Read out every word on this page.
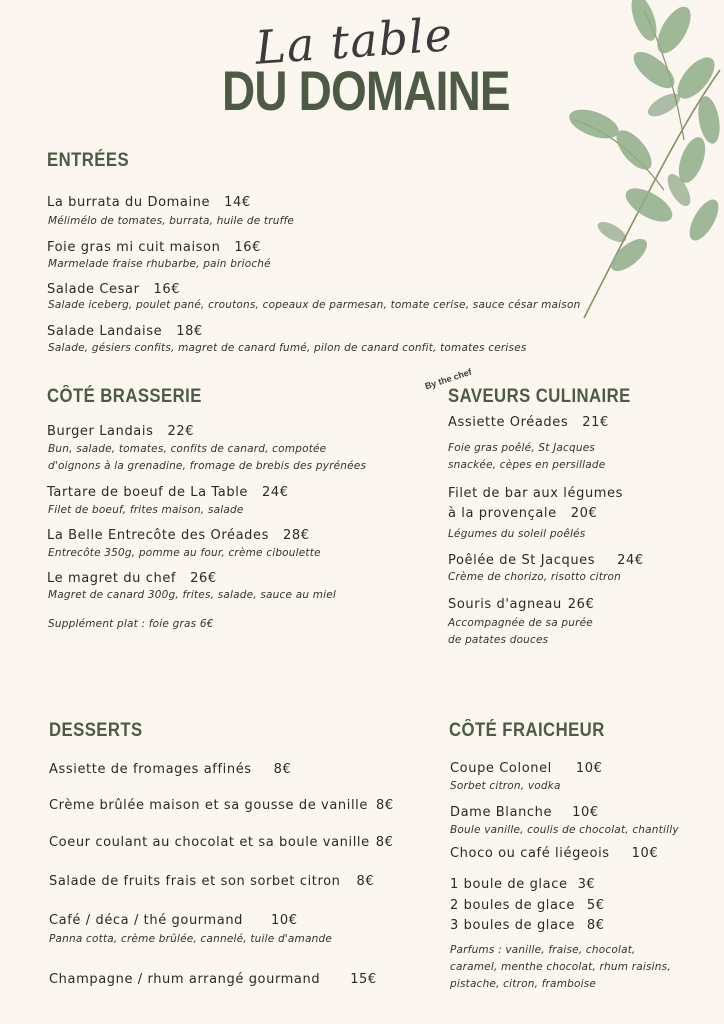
La table
DU DOMAINE
ENTRÉES
La burrata du Domaine 14€
Mélimélo de tomates, burrata, huile de truffe
Foie gras mi cuit maison 16€
Marmelade fraise rhubarbe, pain brioché
Salade Cesar 16€
Salade iceberg, poulet pané, croutons, copeaux de parmesan, tomate cerise, sauce césar maison
Salade Landaise 18€
Salade, gésiers confits, magret de canard fumé, pilon de canard confit, tomates cerises
CÔTÉ BRASSERIE
Burger Landais 22€
Bun, salade, tomates, confits de canard, compotée
d'oignons à la grenadine, fromage de brebis des pyrénées
Tartare de boeuf de La Table 24€
Filet de boeuf, frites maison, salade
La Belle Entrecôte des Oréades 28€
Entrecôte 350g, pomme au four, crème ciboulette
Le magret du chef 26€
Magret de canard 300g, frites, salade, sauce au miel
Supplément plat : foie gras 6€
By the chef
SAVEURS CULINAIRE
Assiette Oréades 21€
Foie gras poêlé, St Jacques
snackée, cèpes en persillade
Filet de bar aux légumes
à la provençale 20€
Légumes du soleil poêlés
Poêlée de St Jacques 24€
Crème de chorizo, risotto citron
Souris d'agneau 26€
Accompagnée de sa purée
de patates douces
DESSERTS
Assiette de fromages affinés 8€
Crème brûlée maison et sa gousse de vanille 8€
Coeur coulant au chocolat et sa boule vanille 8€
Salade de fruits frais et son sorbet citron 8€
Café / déca / thé gourmand 10€
Panna cotta, crème brûlée, cannelé, tuile d'amande
Champagne / rhum arrangé gourmand 15€
CÔTÉ FRAICHEUR
Coupe Colonel 10€
Sorbet citron, vodka
Dame Blanche 10€
Boule vanille, coulis de chocolat, chantilly
Choco ou café liégeois 10€
1 boule de glace 3€
2 boules de glace 5€
3 boules de glace 8€
Parfums : vanille, fraise, chocolat,
caramel, menthe chocolat, rhum raisins,
pistache, citron, framboise
